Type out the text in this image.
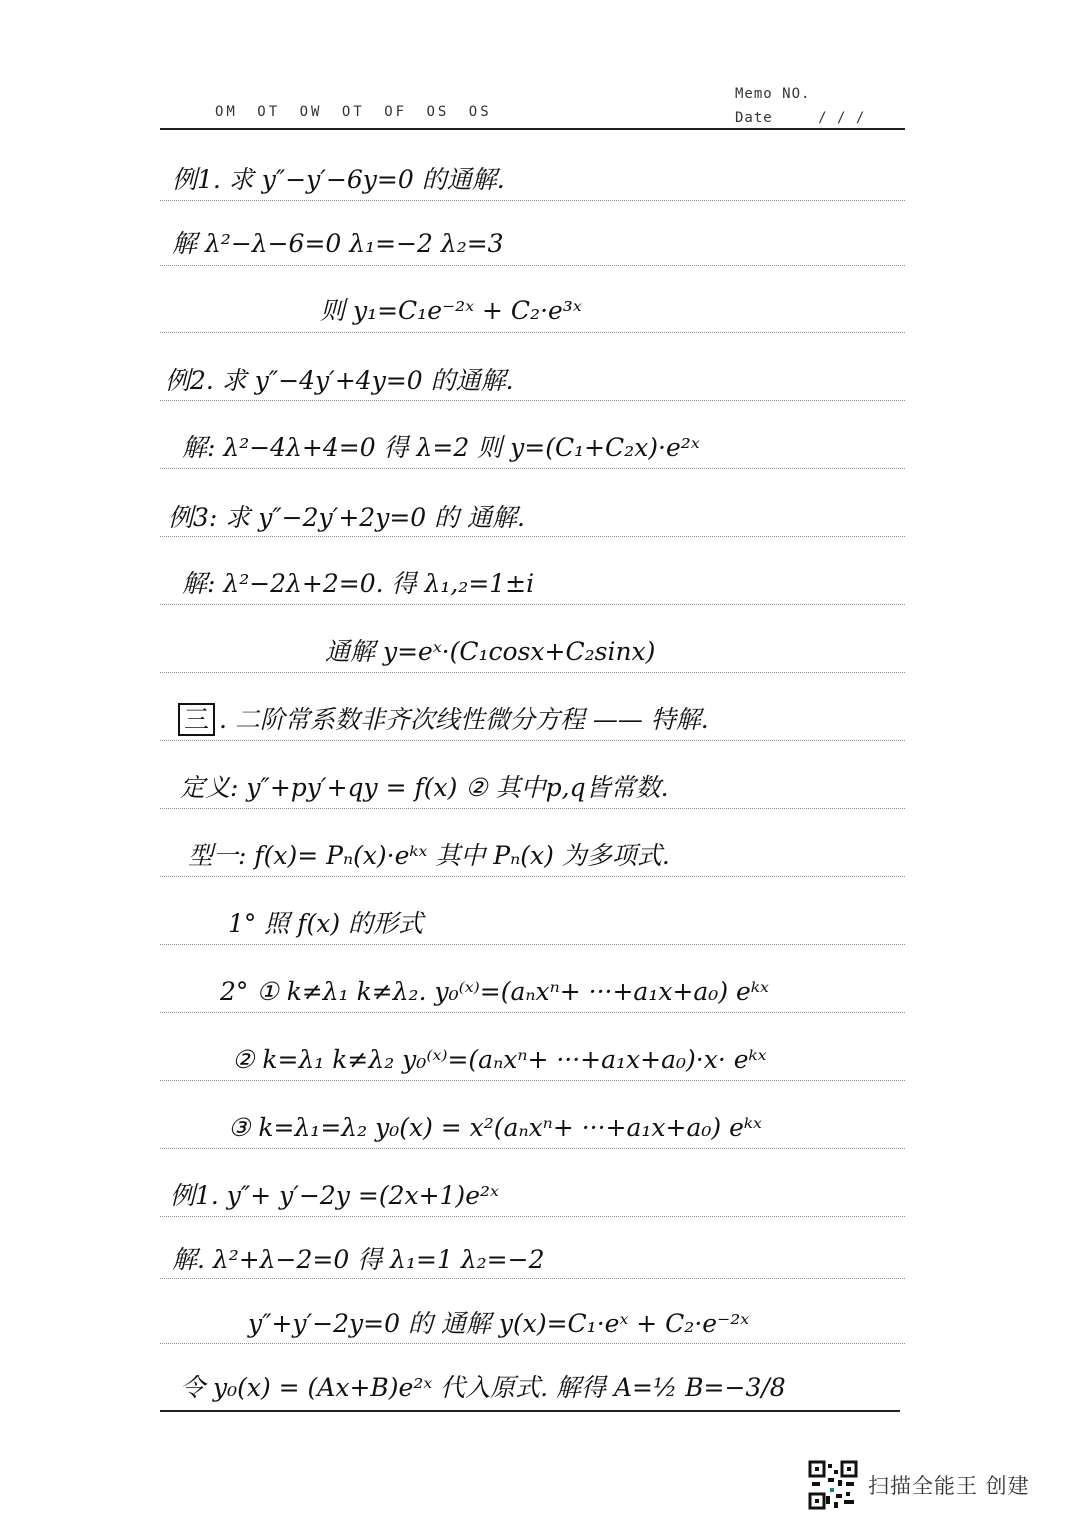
Memo NO.
Date	/ / /
OM OT OW OT OF OS OS
例1. 求 y″−y′−6y=0 的通解.
解 λ²−λ−6=0 λ₁=−2 λ₂=3
则 y₁=C₁e⁻²ˣ + C₂·e³ˣ
例2. 求 y″−4y′+4y=0 的通解.
解: λ²−4λ+4=0 得 λ=2 则 y=(C₁+C₂x)·e²ˣ
例3: 求 y″−2y′+2y=0 的 通解.
解: λ²−2λ+2=0. 得 λ₁,₂=1±i
通解 y=eˣ·(C₁cosx+C₂sinx)
三 . 二阶常系数非齐次线性微分方程 —— 特解.
定义: y″+py′+qy = f(x) ② 其中p,q皆常数.
型一: f(x)= Pₙ(x)·eᵏˣ 其中 Pₙ(x) 为多项式.
1° 照 f(x) 的形式
2° ① k≠λ₁ k≠λ₂. y₀⁽ˣ⁾=(aₙxⁿ+ ···+a₁x+a₀) eᵏˣ
② k=λ₁ k≠λ₂ y₀⁽ˣ⁾=(aₙxⁿ+ ···+a₁x+a₀)·x· eᵏˣ
③ k=λ₁=λ₂ y₀(x) = x²(aₙxⁿ+ ···+a₁x+a₀) eᵏˣ
例1. y″+ y′−2y =(2x+1)e²ˣ
解. λ²+λ−2=0 得 λ₁=1 λ₂=−2
y″+y′−2y=0 的 通解 y(x)=C₁·eˣ + C₂·e⁻²ˣ
令 y₀(x) = (Ax+B)e²ˣ 代入原式. 解得 A=½ B=−3/8
扫描全能王 创建
